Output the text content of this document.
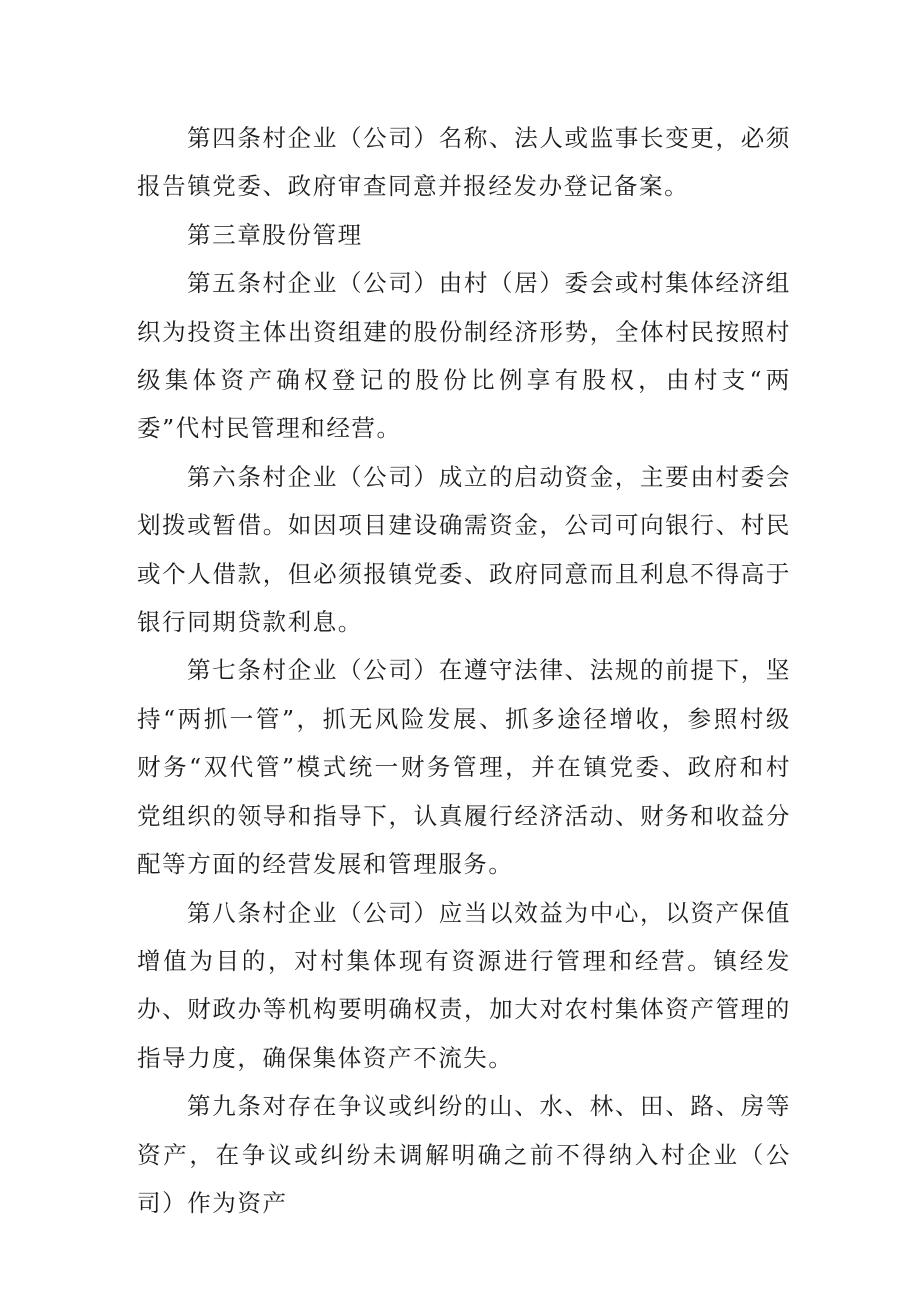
第四条村企业（公司）名称、法人或监事长变更，必须报告镇党委、政府审查同意并报经发办登记备案。

第三章股份管理

第五条村企业（公司）由村（居）委会或村集体经济组织为投资主体出资组建的股份制经济形势，全体村民按照村级集体资产确权登记的股份比例享有股权，由村支“两委”代村民管理和经营。

第六条村企业（公司）成立的启动资金，主要由村委会划拨或暂借。如因项目建设确需资金，公司可向银行、村民或个人借款，但必须报镇党委、政府同意而且利息不得高于银行同期贷款利息。

第七条村企业（公司）在遵守法律、法规的前提下，坚持“两抓一管”，抓无风险发展、抓多途径增收，参照村级财务“双代管”模式统一财务管理，并在镇党委、政府和村党组织的领导和指导下，认真履行经济活动、财务和收益分配等方面的经营发展和管理服务。

第八条村企业（公司）应当以效益为中心，以资产保值增值为目的，对村集体现有资源进行管理和经营。镇经发办、财政办等机构要明确权责，加大对农村集体资产管理的指导力度，确保集体资产不流失。

第九条对存在争议或纠纷的山、水、林、田、路、房等资产，在争议或纠纷未调解明确之前不得纳入村企业（公司）作为资产
